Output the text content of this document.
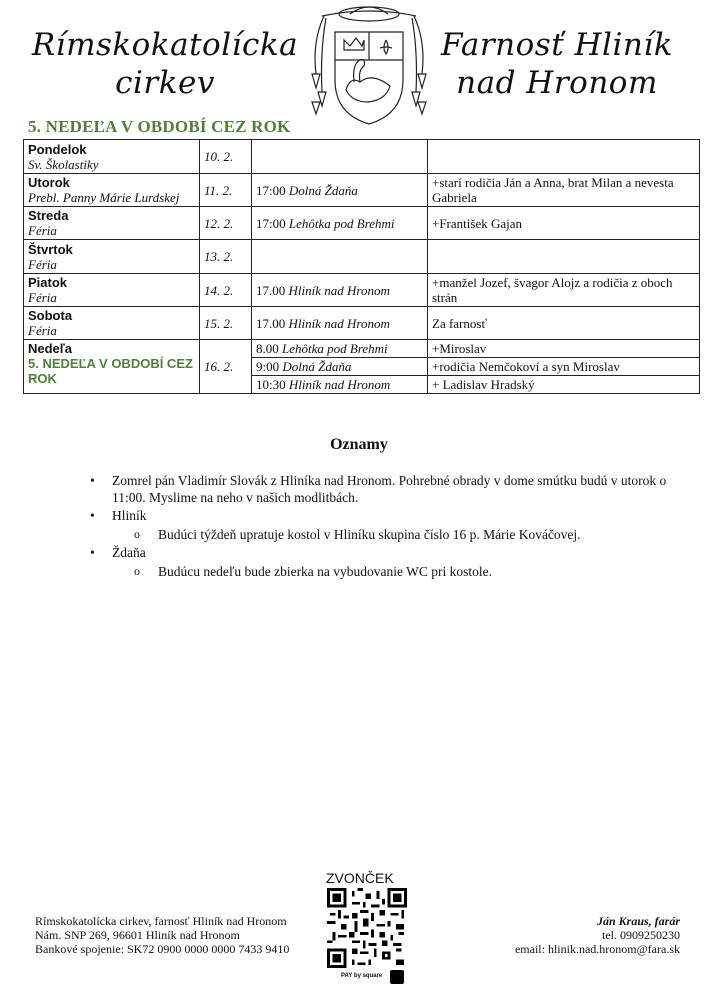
Rímskokatolícka
cirkev
Farnosť Hliník
nad Hronom
5. NEDEĽA V OBDOBÍ CEZ ROK
Pondelok
Sv. Školastiky	10. 2.		

Utorok
Prebl. Panny Márie Lurdskej	11. 2.	17:00 Dolná Ždaňa	+starí rodičia Ján a Anna, brat Milan a nevesta Gabriela

Streda
Féria	12. 2.	17:00 Lehôtka pod Brehmi	+František Gajan

Štvrtok
Féria	13. 2.		

Piatok
Féria	14. 2.	17.00 Hliník nad Hronom	+manžel Jozef, švagor Alojz a rodičia z oboch strán

Sobota
Féria	15. 2.	17.00 Hliník nad Hronom	Za farnosť

Nedeľa
5. NEDEĽA V OBDOBÍ CEZ ROK	16. 2.	8.00 Lehôtka pod Brehmi	+Miroslav
		9:00 Dolná Ždaňa	+rodičia Nemčokoví a syn Miroslav
		10:30 Hliník nad Hronom	+ Ladislav Hradský
Oznamy
• Zomrel pán Vladimír Slovák z Hliníka nad Hronom. Pohrebné obrady v dome smútku budú v utorok o 11:00. Myslime na neho v našich modlitbách.
• Hliník
o Budúci týždeň upratuje kostol v Hliníku skupina číslo 16 p. Márie Kováčovej.
• Ždaňa
o Budúcu nedeľu bude zbierka na vybudovanie WC pri kostole.
ZVONČEK
PAY by square
Rímskokatolícka cirkev, farnosť Hliník nad Hronom
Nám. SNP 269, 96601 Hliník nad Hronom
Bankové spojenie: SK72 0900 0000 0000 7433 9410
Ján Kraus, farár
tel. 0909250230
email: hlinik.nad.hronom@fara.sk
